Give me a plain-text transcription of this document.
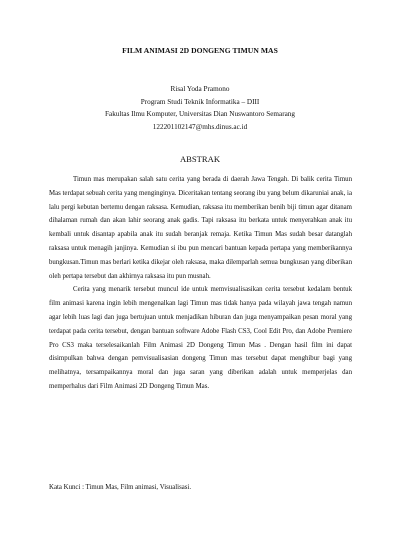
FILM ANIMASI 2D DONGENG TIMUN MAS
Risal Yoda Pramono
Program Studi Teknik Informatika – DIII
Fakultas Ilmu Komputer, Universitas Dian Nuswantoro Semarang
122201102147@mhs.dinus.ac.id
ABSTRAK

Timun mas merupakan salah satu cerita yang berada di daerah Jawa Tengah. Di balik cerita Timun Mas terdapat sebuah cerita yang menginginya. Diceritakan tentang seorang ibu yang belum dikaruniai anak, ia lalu pergi kebutan bertemu dengan raksasa. Kemudian, raksasa itu memberikan benih biji timun agar ditanam dihalaman rumah dan akan lahir seorang anak gadis. Tapi raksasa itu berkata untuk menyerahkan anak itu kembali untuk disantap apabila anak itu sudah beranjak remaja. Ketika Timun Mas sudah besar datanglah raksasa untuk menagih janjinya. Kemudian si ibu pun mencari bantuan kepada pertapa yang memberikannya bungkusan.Timun mas berlari ketika dikejar oleh raksasa, maka dilemparlah semua bungkusan yang diberikan oleh pertapa tersebut dan akhirnya raksasa itu pun musnah.

Cerita yang menarik tersebut muncul ide untuk memvisualisasikan cerita tersebut kedalam bentuk film animasi karena ingin lebih mengenalkan lagi Timun mas tidak hanya pada wilayah jawa tengah namun agar lebih luas lagi dan juga bertujuan untuk menjadikan hiburan dan juga menyampaikan pesan moral yang terdapat pada cerita tersebut, dengan bantuan software Adobe Flash CS3, Cool Edit Pro, dan Adobe Premiere Pro CS3 maka terselesaikanlah Film Animasi 2D Dongeng Timun Mas . Dengan hasil film ini dapat disimpulkan bahwa dengan pemvisualisasian dongeng Timun mas tersebut dapat menghibur bagi yang melihatnya, tersampaikannya moral dan juga saran yang diberikan adalah untuk memperjelas dan memperhalus dari Film Animasi 2D Dongeng Timun Mas.

Kata Kunci : Timun Mas, Film animasi, Visualisasi.
